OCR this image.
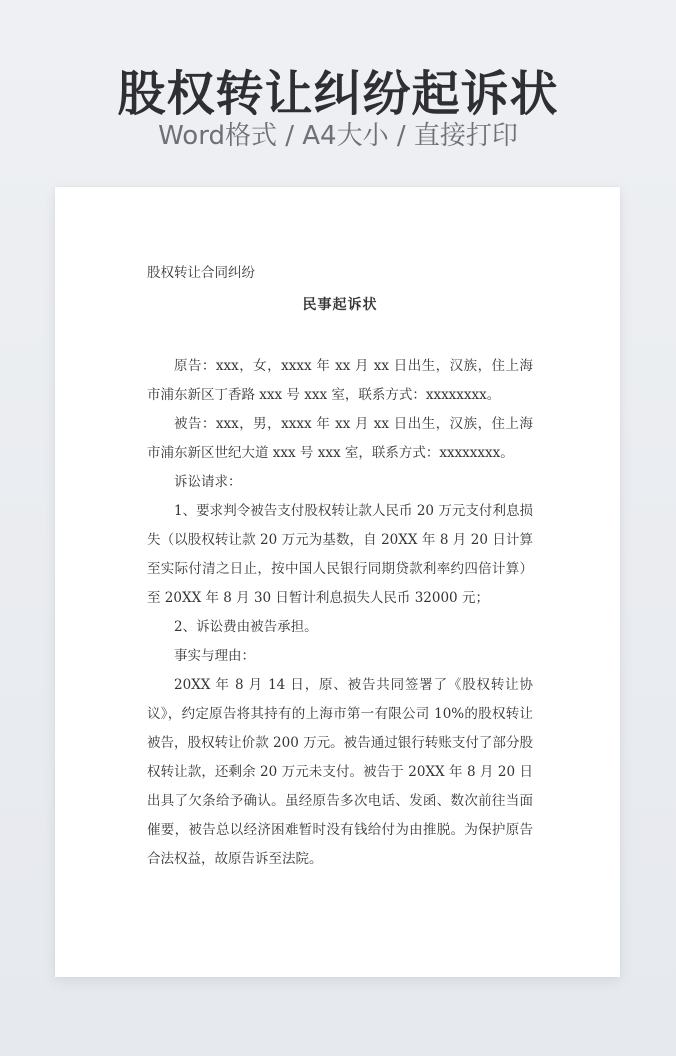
股权转让纠纷起诉状
Word格式 / A4大小 / 直接打印

股权转让合同纠纷

民事起诉状

原告：xxx，女，xxxx 年 xx 月 xx 日出生，汉族，住上海市浦东新区丁香路 xxx 号 xxx 室，联系方式：xxxxxxxx。

被告：xxx，男，xxxx 年 xx 月 xx 日出生，汉族，住上海市浦东新区世纪大道 xxx 号 xxx 室，联系方式：xxxxxxxx。

诉讼请求：

1、要求判令被告支付股权转让款人民币 20 万元支付利息损失（以股权转让款 20 万元为基数，自 20XX 年 8 月 20 日计算至实际付清之日止，按中国人民银行同期贷款利率约四倍计算）至 20XX 年 8 月 30 日暂计利息损失人民币 32000 元；

2、诉讼费由被告承担。

事实与理由：

20XX 年 8 月 14 日，原、被告共同签署了《股权转让协议》，约定原告将其持有的上海市第一有限公司 10%的股权转让被告，股权转让价款 200 万元。被告通过银行转账支付了部分股权转让款，还剩余 20 万元未支付。被告于 20XX 年 8 月 20 日出具了欠条给予确认。虽经原告多次电话、发函、数次前往当面催要，被告总以经济困难暂时没有钱给付为由推脱。为保护原告合法权益，故原告诉至法院。
